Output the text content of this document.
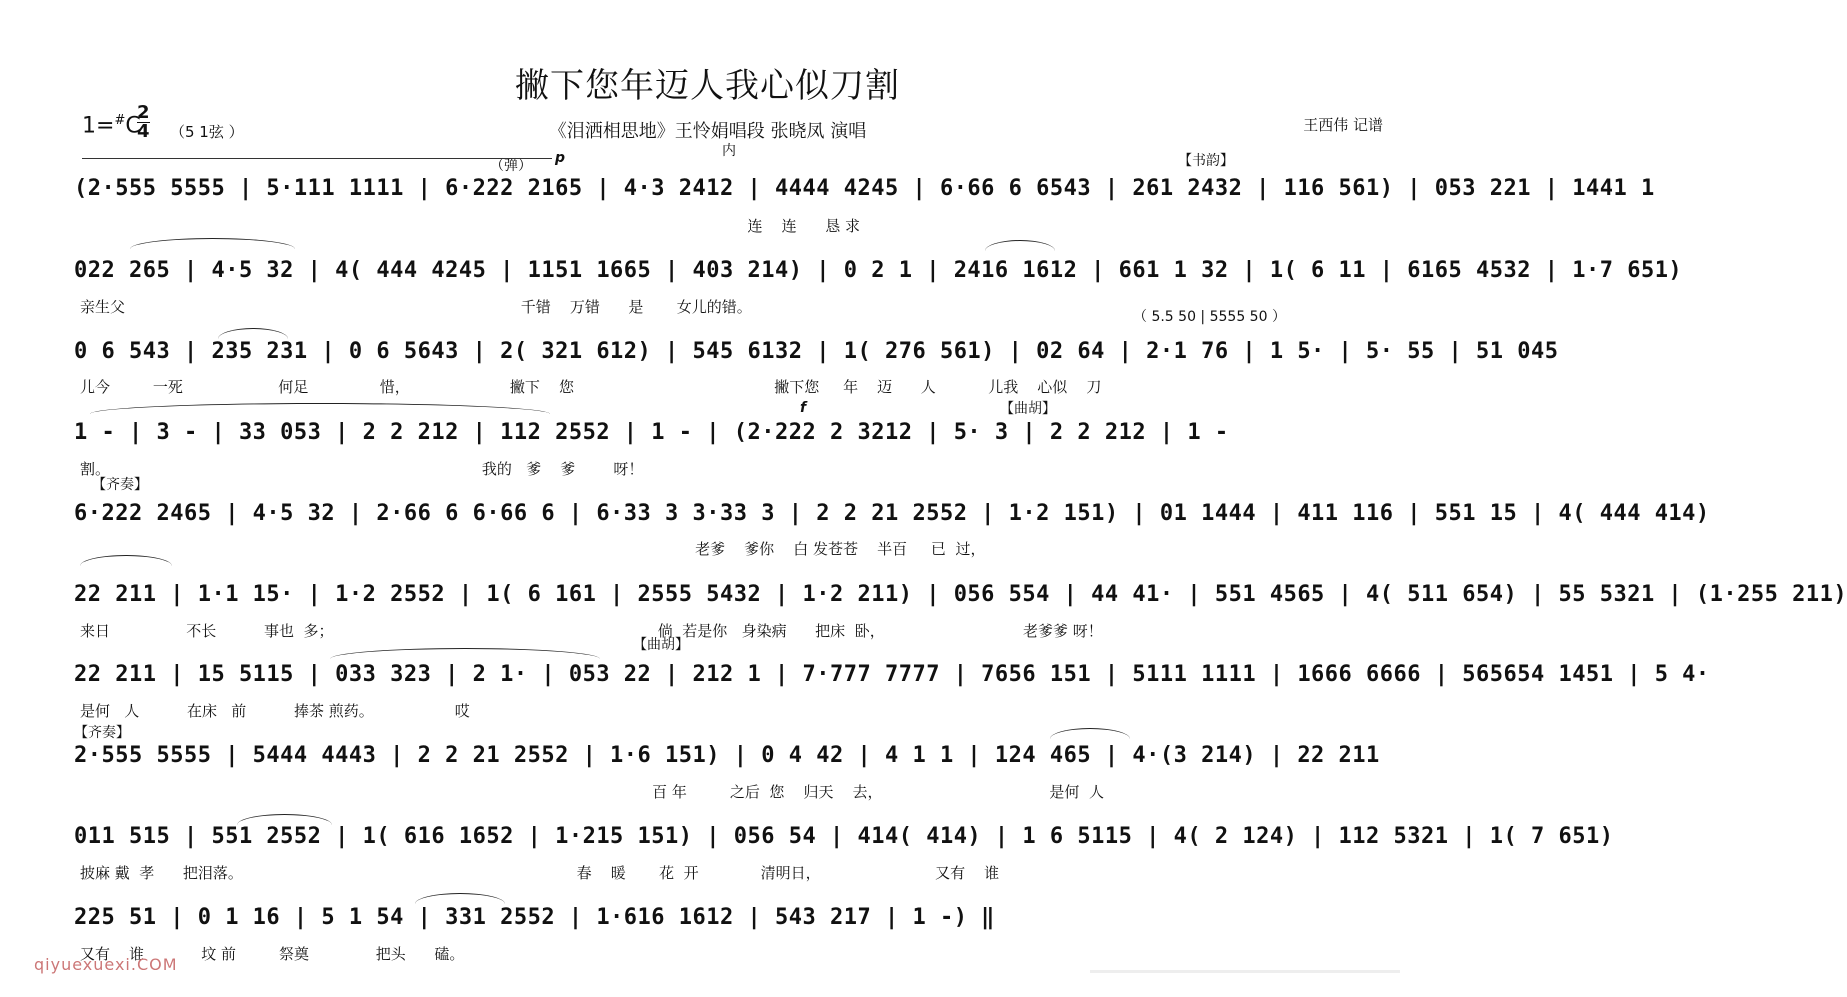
撇下您年迈人我心似刀割
《泪洒相思地》王怜娟唱段 张晓凤 演唱	王西伟 记谱
1=#C
2
4 （5 1弦 ）
（弹） p	内
【书韵】
（ 5.5 50 | 5555 50 ）
f	【曲胡】
【齐奏】
【曲胡】
【齐奏】
(2·555 5555 | 5·111 1111 | 6·222 2165 | 4·3 2412 | 4444 4245 | 6·66 6 6543 | 261 2432 | 116 561) | 053 221 | 1441 1
连    连      恳 求
022 265 | 4·5 32 | 4( 444 4245 | 1151 1665 | 403 214) | 0 2 1 | 2416 1612 | 661 1 32 | 1( 6 11 | 6165 4532 | 1·7 651)
亲生父                                                                                   千错    万错      是       女儿的错。
0 6 543 | 235 231 | 0 6 5643 | 2( 321 612) | 545 6132 | 1( 276 561) | 02 64 | 2·1 76 | 1 5· | 5· 55 | 51 045
儿今         一死                    何足               惜，                     撇下    您                                          撇下您     年    迈      人           儿我    心似    刀
1 - | 3 - | 33 053 | 2 2 212 | 112 2552 | 1 - | (2·222 2 3212 | 5· 3 | 2 2 212 | 1 -
割。                                                                              我的   爹    爹        呀！
6·222 2465 | 4·5 32 | 2·66 6 6·66 6 | 6·33 3 3·33 3 | 2 2 21 2552 | 1·2 151) | 01 1444 | 411 116 | 551 15 | 4( 444 414)
老爹    爹你    白 发苍苍    半百     已  过，
22 211 | 1·1 15· | 1·2 2552 | 1( 6 161 | 2555 5432 | 1·2 211) | 056 554 | 44 41· | 551 4565 | 4( 511 654) | 55 5321 | (1·255 211)
来日                不长          事也  多；                                                                    倘  若是你   身染病      把床  卧，                             老爹爹 呀！
22 211 | 15 5115 | 033 323 | 2 1· | 053 22 | 212 1 | 7·777 7777 | 7656 151 | 5111 1111 | 1666 6666 | 565654 1451 | 5 4·
是何   人          在床   前          捧茶 煎药。                 哎
2·555 5555 | 5444 4443 | 2 2 21 2552 | 1·6 151) | 0 4 42 | 4 1 1 | 124 465 | 4·(3 214) | 22 211
百 年         之后  您    归天    去，                                   是何  人
011 515 | 551 2552 | 1( 616 1652 | 1·215 151) | 056 54 | 414( 414) | 1 6 5115 | 4( 2 124) | 112 5321 | 1( 7 651)
披麻 戴  孝      把泪落。                                                                      春    暖       花  开             清明日，                        又有    谁
225 51 | 0 1 16 | 5 1 54 | 331 2552 | 1·616 1612 | 543 217 | 1 -) ‖
又有    谁            坟 前         祭奠              把头      磕。
qiyuexuexi.COM
